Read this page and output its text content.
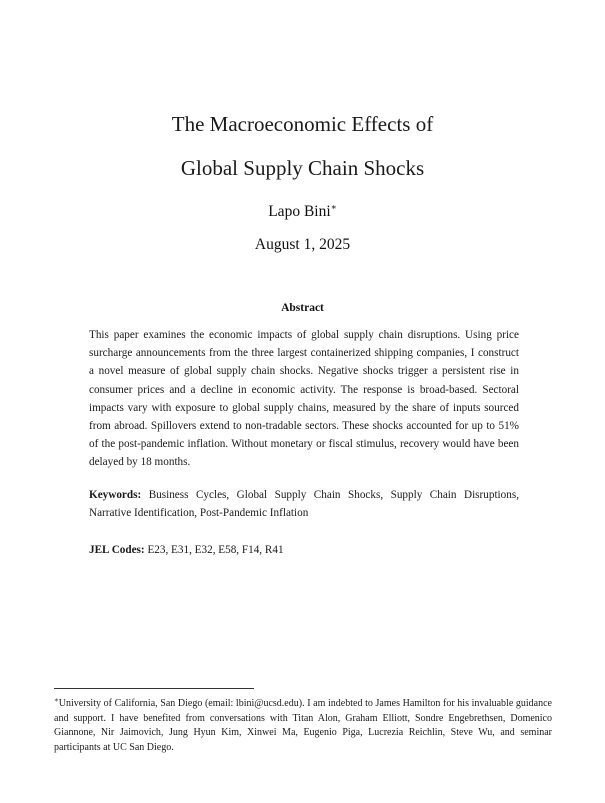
The Macroeconomic Effects of
Global Supply Chain Shocks
Lapo Bini∗
August 1, 2025
Abstract
This paper examines the economic impacts of global supply chain disruptions. Using price surcharge announcements from the three largest containerized shipping companies, I construct a novel measure of global supply chain shocks. Negative shocks trigger a persistent rise in consumer prices and a decline in economic activity. The response is broad-based. Sectoral impacts vary with exposure to global supply chains, measured by the share of inputs sourced from abroad. Spillovers extend to non-tradable sectors. These shocks accounted for up to 51% of the post-pandemic inflation. Without monetary or fiscal stimulus, recovery would have been delayed by 18 months.
Keywords: Business Cycles, Global Supply Chain Shocks, Supply Chain Disruptions, Narrative Identification, Post-Pandemic Inflation
JEL Codes: E23, E31, E32, E58, F14, R41
∗University of California, San Diego (email: lbini@ucsd.edu). I am indebted to James Hamilton for his invaluable guidance and support. I have benefited from conversations with Titan Alon, Graham Elliott, Sondre Engebrethsen, Domenico Giannone, Nir Jaimovich, Jung Hyun Kim, Xinwei Ma, Eugenio Piga, Lucrezia Reichlin, Steve Wu, and seminar participants at UC San Diego.
